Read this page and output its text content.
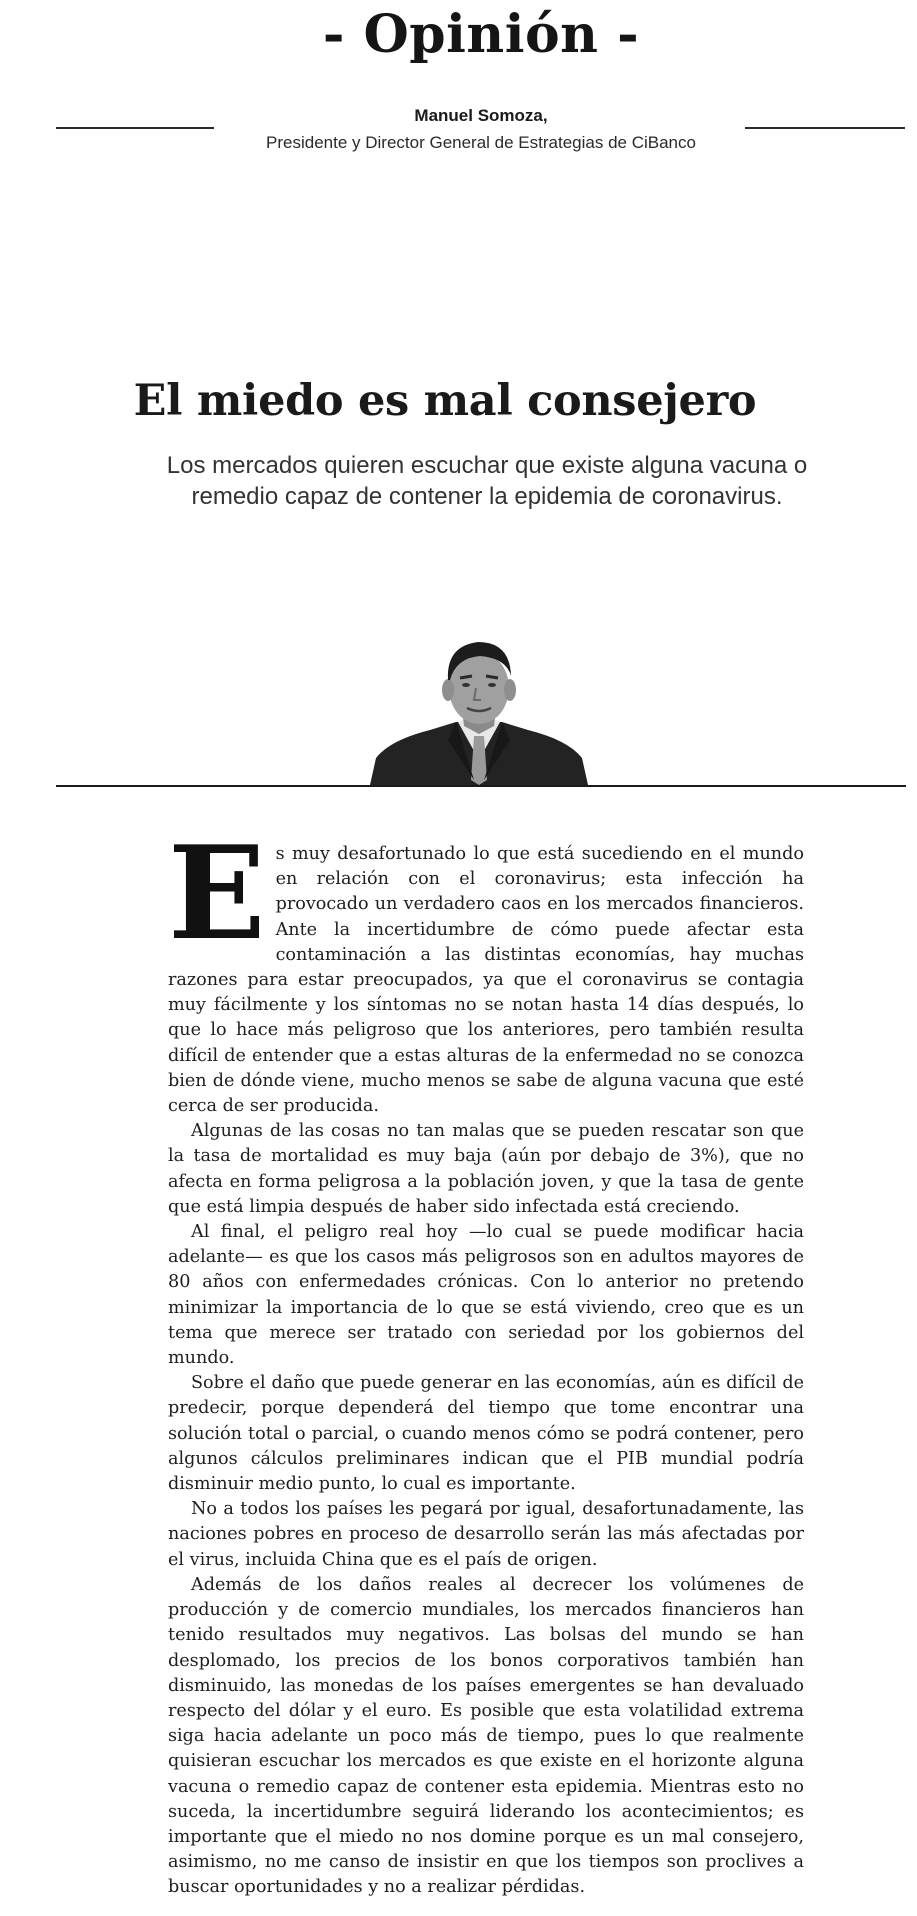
- Opinión -
Manuel Somoza,
Presidente y Director General de Estrategias de CiBanco
El miedo es mal consejero

Los mercados quieren escuchar que existe alguna vacuna o remedio capaz de contener la epidemia de coronavirus.

Es muy desafortunado lo que está sucediendo en el mundo en relación con el coronavirus; esta infección ha provocado un verdadero caos en los mercados financieros. Ante la incertidumbre de cómo puede afectar esta contaminación a las distintas economías, hay muchas razones para estar preocupados, ya que el coronavirus se contagia muy fácilmente y los síntomas no se notan hasta 14 días después, lo que lo hace más peligroso que los anteriores, pero también resulta difícil de entender que a estas alturas de la enfermedad no se conozca bien de dónde viene, mucho menos se sabe de alguna vacuna que esté cerca de ser producida.

Algunas de las cosas no tan malas que se pueden rescatar son que la tasa de mortalidad es muy baja (aún por debajo de 3%), que no afecta en forma peligrosa a la población joven, y que la tasa de gente que está limpia después de haber sido infectada está creciendo.

Al final, el peligro real hoy —lo cual se puede modificar hacia adelante— es que los casos más peligrosos son en adultos mayores de 80 años con enfermedades crónicas. Con lo anterior no pretendo minimizar la importancia de lo que se está viviendo, creo que es un tema que merece ser tratado con seriedad por los gobiernos del mundo.

Sobre el daño que puede generar en las economías, aún es difícil de predecir, porque dependerá del tiempo que tome encontrar una solución total o parcial, o cuando menos cómo se podrá contener, pero algunos cálculos preliminares indican que el PIB mundial podría disminuir medio punto, lo cual es importante.

No a todos los países les pegará por igual, desafortunadamente, las naciones pobres en proceso de desarrollo serán las más afectadas por el virus, incluida China que es el país de origen.

Además de los daños reales al decrecer los volúmenes de producción y de comercio mundiales, los mercados financieros han tenido resultados muy negativos. Las bolsas del mundo se han desplomado, los precios de los bonos corporativos también han disminuido, las monedas de los países emergentes se han devaluado respecto del dólar y el euro. Es posible que esta volatilidad extrema siga hacia adelante un poco más de tiempo, pues lo que realmente quisieran escuchar los mercados es que existe en el horizonte alguna vacuna o remedio capaz de contener esta epidemia. Mientras esto no suceda, la incertidumbre seguirá liderando los acontecimientos; es importante que el miedo no nos domine porque es un mal consejero, asimismo, no me canso de insistir en que los tiempos son proclives a buscar oportunidades y no a realizar pérdidas.
